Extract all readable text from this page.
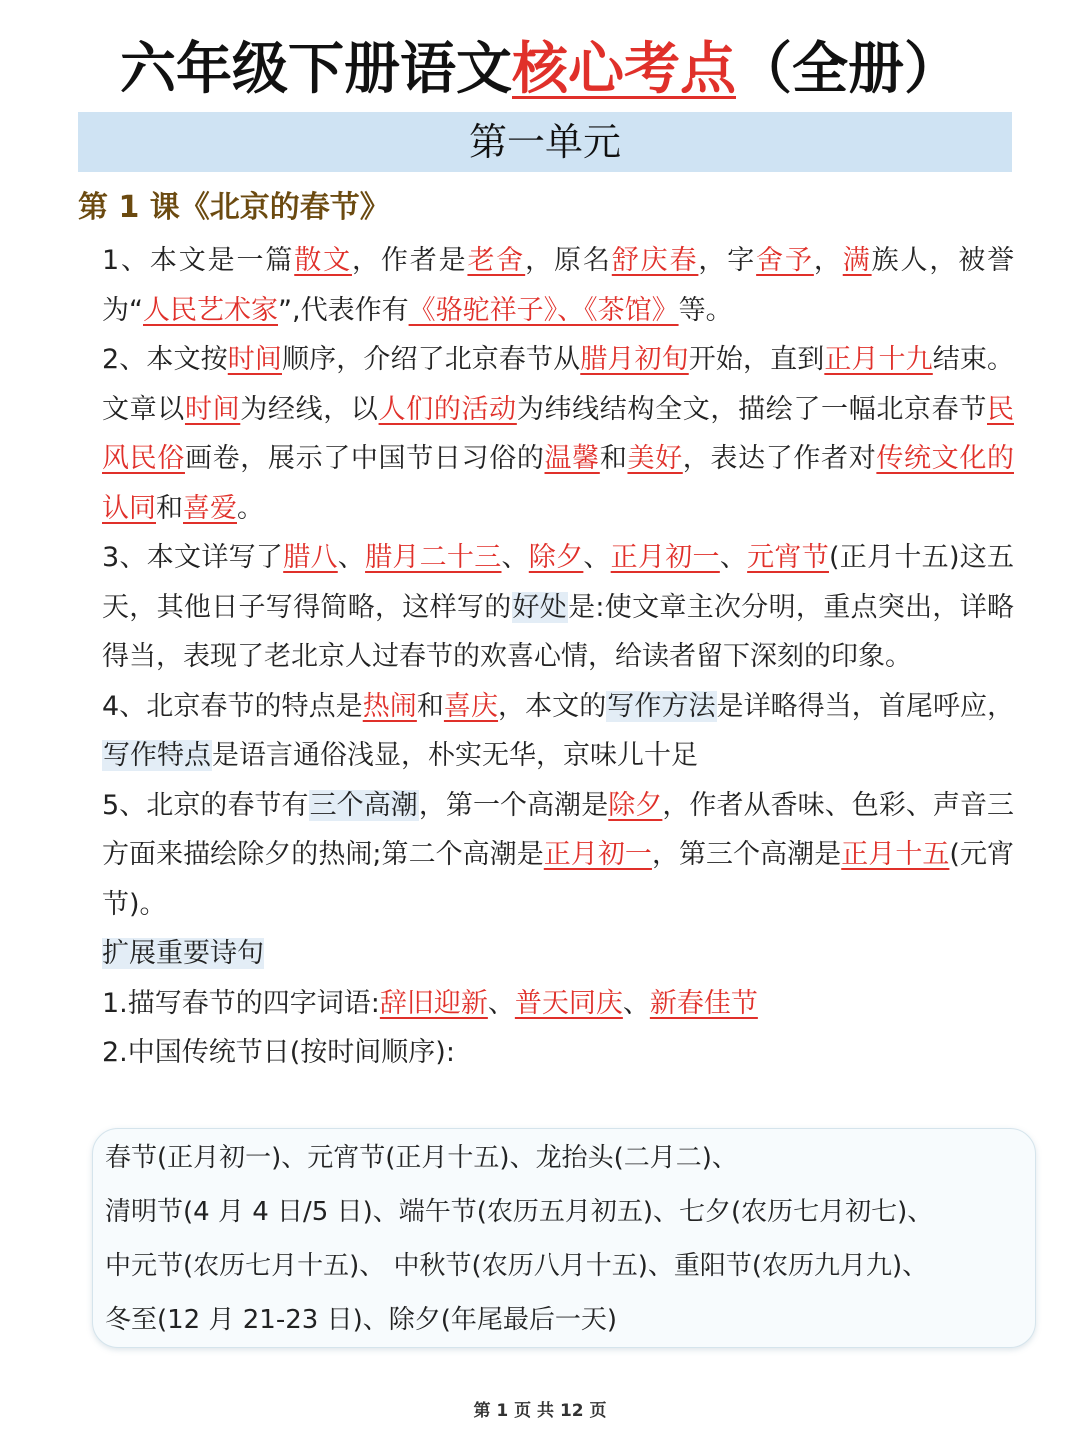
六年级下册语文核心考点（全册）
第一单元
第 1 课《北京的春节》

1、本文是一篇散文，作者是老舍，原名舒庆春，字舍予，满族人，被誉为“人民艺术家”,代表作有《骆驼祥子》、《茶馆》等。

2、本文按时间顺序，介绍了北京春节从腊月初旬开始，直到正月十九结束。文章以时间为经线，以人们的活动为纬线结构全文，描绘了一幅北京春节民风民俗画卷，展示了中国节日习俗的温馨和美好，表达了作者对传统文化的认同和喜爱。

3、本文详写了腊八、腊月二十三、除夕、正月初一、元宵节(正月十五)这五天，其他日子写得简略，这样写的好处是:使文章主次分明，重点突出，详略得当，表现了老北京人过春节的欢喜心情，给读者留下深刻的印象。

4、北京春节的特点是热闹和喜庆，本文的写作方法是详略得当，首尾呼应，写作特点是语言通俗浅显，朴实无华，京味儿十足

5、北京的春节有三个高潮，第一个高潮是除夕，作者从香味、色彩、声音三方面来描绘除夕的热闹;第二个高潮是正月初一，第三个高潮是正月十五(元宵节)。

扩展重要诗句

1.描写春节的四字词语:辞旧迎新、普天同庆、新春佳节

2.中国传统节日(按时间顺序):

春节(正月初一)、元宵节(正月十五)、龙抬头(二月二)、
清明节(4 月 4 日/5 日)、端午节(农历五月初五)、七夕(农历七月初七)、
中元节(农历七月十五)、 中秋节(农历八月十五)、重阳节(农历九月九)、
冬至(12 月 21-23 日)、除夕(年尾最后一天)
第 1 页 共 12 页
